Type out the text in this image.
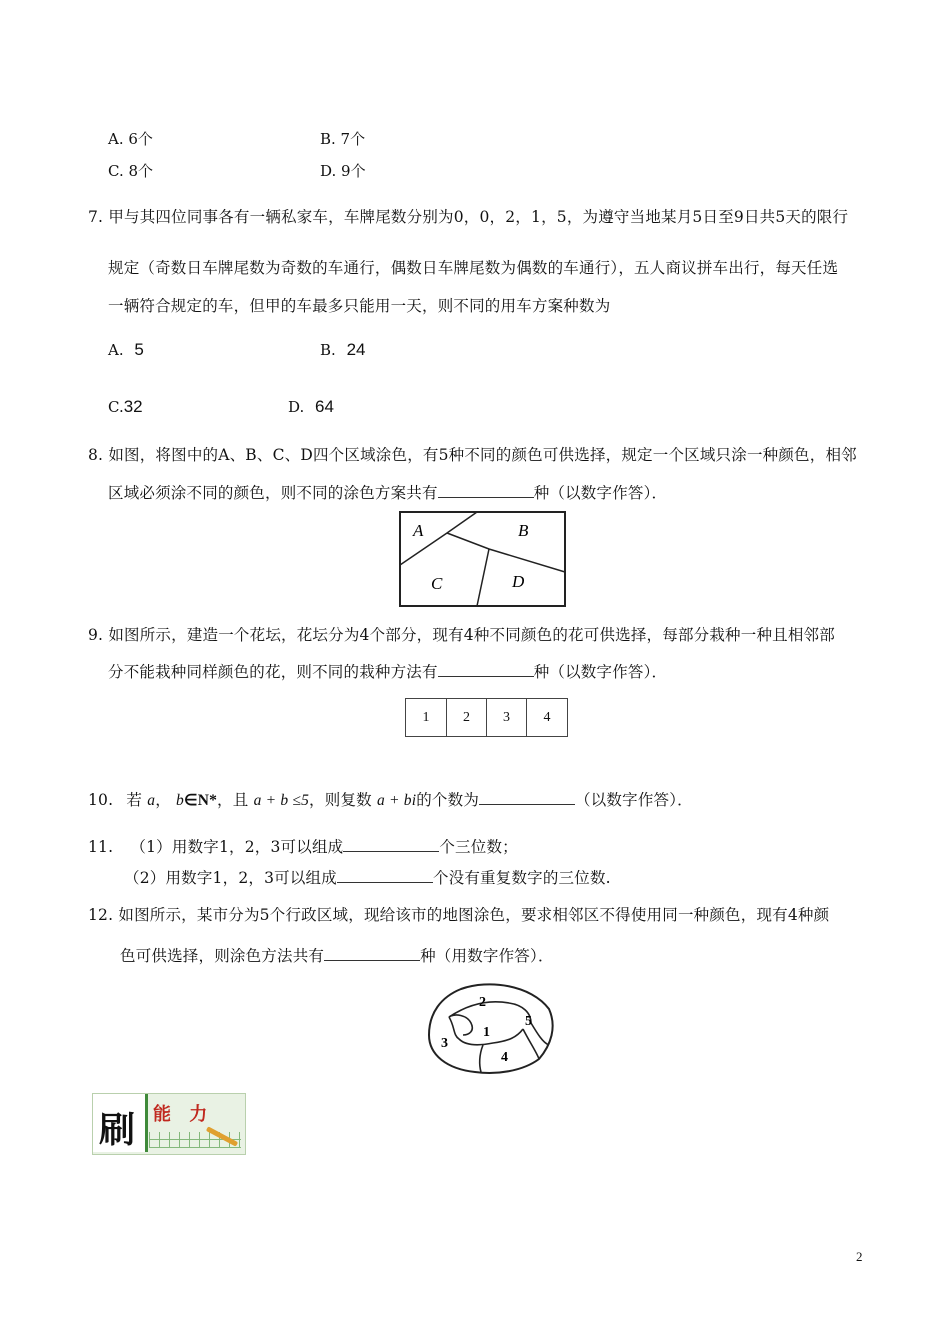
A. 6个	B. 7个
C. 8个	D. 9个
7. 甲与其四位同事各有一辆私家车，车牌尾数分别为0，0，2，1，5，为遵守当地某月5日至9日共5天的限行
规定（奇数日车牌尾数为奇数的车通行，偶数日车牌尾数为偶数的车通行），五人商议拼车出行，每天任选
一辆符合规定的车，但甲的车最多只能用一天，则不同的用车方案种数为
A. 5	B. 24
C.32	D. 64
8. 如图，将图中的A、B、C、D四个区域涂色，有5种不同的颜色可供选择，规定一个区域只涂一种颜色，相邻
区域必须涂不同的颜色，则不同的涂色方案共有	种（以数字作答）．
A	B
C	D
9. 如图所示，建造一个花坛，花坛分为4个部分，现有4种不同颜色的花可供选择，每部分栽种一种且相邻部
分不能栽种同样颜色的花，则不同的栽种方法有	种（以数字作答）．
1	2	3	4
10. 若 a， b∈N*，且 a + b ≤5，则复数 a + bi的个数为	（以数字作答）．
11. （1）用数字1，2，3可以组成	个三位数；
（2）用数字1，2，3可以组成	个没有重复数字的三位数.
12. 如图所示，某市分为5个行政区域，现给该市的地图涂色，要求相邻区不得使用同一种颜色，现有4种颜
色可供选择，则涂色方法共有	种（用数字作答）．
2
1
5
3
4
刷 能 力
2
